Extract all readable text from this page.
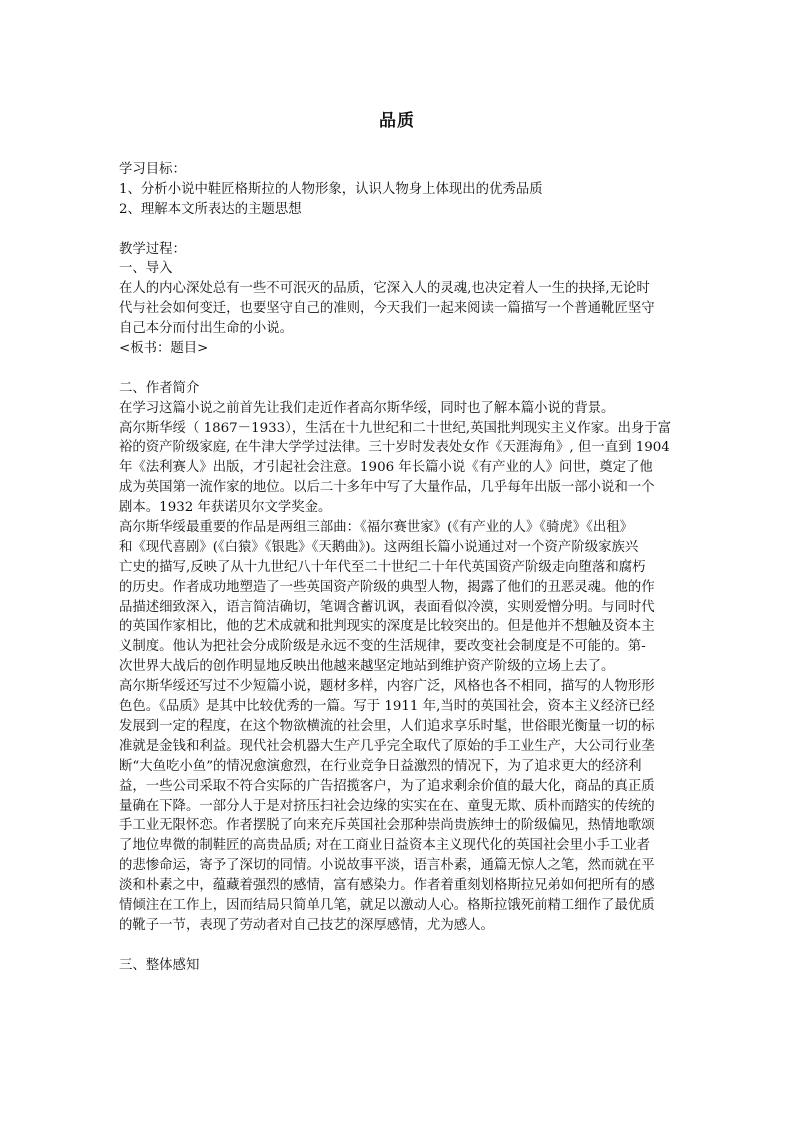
品质
学习目标：
1、分析小说中鞋匠格斯拉的人物形象，认识人物身上体现出的优秀品质
2、理解本文所表达的主题思想
教学过程：
一、导入
在人的内心深处总有一些不可泯灭的品质，它深入人的灵魂,也决定着人一生的抉择,无论时
代与社会如何变迁，也要坚守自己的准则，今天我们一起来阅读一篇描写一个普通靴匠坚守
自己本分而付出生命的小说。
<板书：题目>
二、作者简介
在学习这篇小说之前首先让我们走近作者高尔斯华绥，同时也了解本篇小说的背景。
高尔斯华绥（ 1867－1933），生活在十九世纪和二十世纪,英国批判现实主义作家。出身于富
裕的资产阶级家庭, 在牛津大学学过法律。三十岁时发表处女作《天涯海角》, 但一直到 1904
年《法利赛人》出版，才引起社会注意。1906 年长篇小说《有产业的人》问世，奠定了他
成为英国第一流作家的地位。以后二十多年中写了大量作品，几乎每年出版一部小说和一个
剧本。1932 年获诺贝尔文学奖金。
高尔斯华绥最重要的作品是两组三部曲：《福尔赛世家》(《有产业的人》《骑虎》《出租》
和《现代喜剧》(《白猿》《银匙》《天鹅曲》)。这两组长篇小说通过对一个资产阶级家族兴
亡史的描写,反映了从十九世纪八十年代至二十世纪二十年代英国资产阶级走向堕落和腐朽
的历史。作者成功地塑造了一些英国资产阶级的典型人物，揭露了他们的丑恶灵魂。他的作
品描述细致深入，语言简洁确切，笔调含蓄讥讽，表面看似冷漠，实则爱憎分明。与同时代
的英国作家相比，他的艺术成就和批判现实的深度是比较突出的。但是他并不想触及资本主
义制度。他认为把社会分成阶级是永远不变的生活规律，要改变社会制度是不可能的。第-
次世界大战后的创作明显地反映出他越来越坚定地站到维护资产阶级的立场上去了。
高尔斯华绥还写过不少短篇小说，题材多样，内容广泛，风格也各不相同，描写的人物形形
色色。《品质》是其中比较优秀的一篇。写于 1911 年,当时的英国社会，资本主义经济已经
发展到一定的程度，在这个物欲横流的社会里，人们追求享乐时髦，世俗眼光衡量一切的标
准就是金钱和利益。现代社会机器大生产几乎完全取代了原始的手工业生产，大公司行业垄
断“大鱼吃小鱼”的情况愈演愈烈，在行业竞争日益激烈的情况下，为了追求更大的经济利
益，一些公司采取不符合实际的广告招揽客户，为了追求剩余价值的最大化，商品的真正质
量确在下降。一部分人于是对挤压扫社会边缘的实实在在、童叟无欺、质朴而踏实的传统的
手工业无限怀恋。作者摆脱了向来充斥英国社会那种崇尚贵族绅士的阶级偏见，热情地歌颂
了地位卑微的制鞋匠的高贵品质; 对在工商业日益资本主义现代化的英国社会里小手工业者
的悲惨命运，寄予了深切的同情。小说故事平淡，语言朴素，通篇无惊人之笔，然而就在平
淡和朴素之中，蕴藏着强烈的感情，富有感染力。作者着重刻划格斯拉兄弟如何把所有的感
情倾注在工作上，因而结局只简单几笔，就足以激动人心。格斯拉饿死前精工细作了最优质
的靴子一节，表现了劳动者对自己技艺的深厚感情，尤为感人。
三、整体感知
